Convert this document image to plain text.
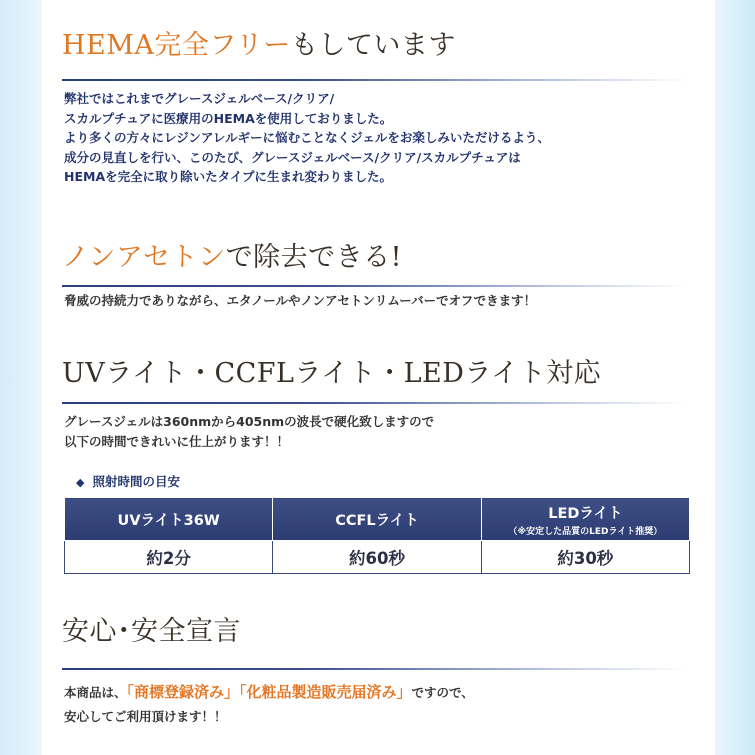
HEMA完全フリーもしています

弊社ではこれまでグレースジェルベース/クリア/
スカルプチュアに医療用のHEMAを使用しておりました。
より多くの方々にレジンアレルギーに悩むことなくジェルをお楽しみいただけるよう、
成分の見直しを行い、このたび、グレースジェルベース/クリア/スカルプチュアは
HEMAを完全に取り除いたタイプに生まれ変わりました。

ノンアセトンで除去できる!

脅威の持続力でありながら、エタノールやノンアセトンリムーバーでオフできます！

UVライト・CCFLライト・LEDライト対応

グレースジェルは360nmから405nmの波長で硬化致しますので
以下の時間できれいに仕上がります！！

◆ 照射時間の目安
UVライト36W	CCFLライト	LEDライト
（※安定した品質のLEDライト推奨）

約2分	約60秒	約30秒
安心･安全宣言

本商品は、「商標登録済み」「化粧品製造販売届済み」ですので、
安心してご利用頂けます！！
